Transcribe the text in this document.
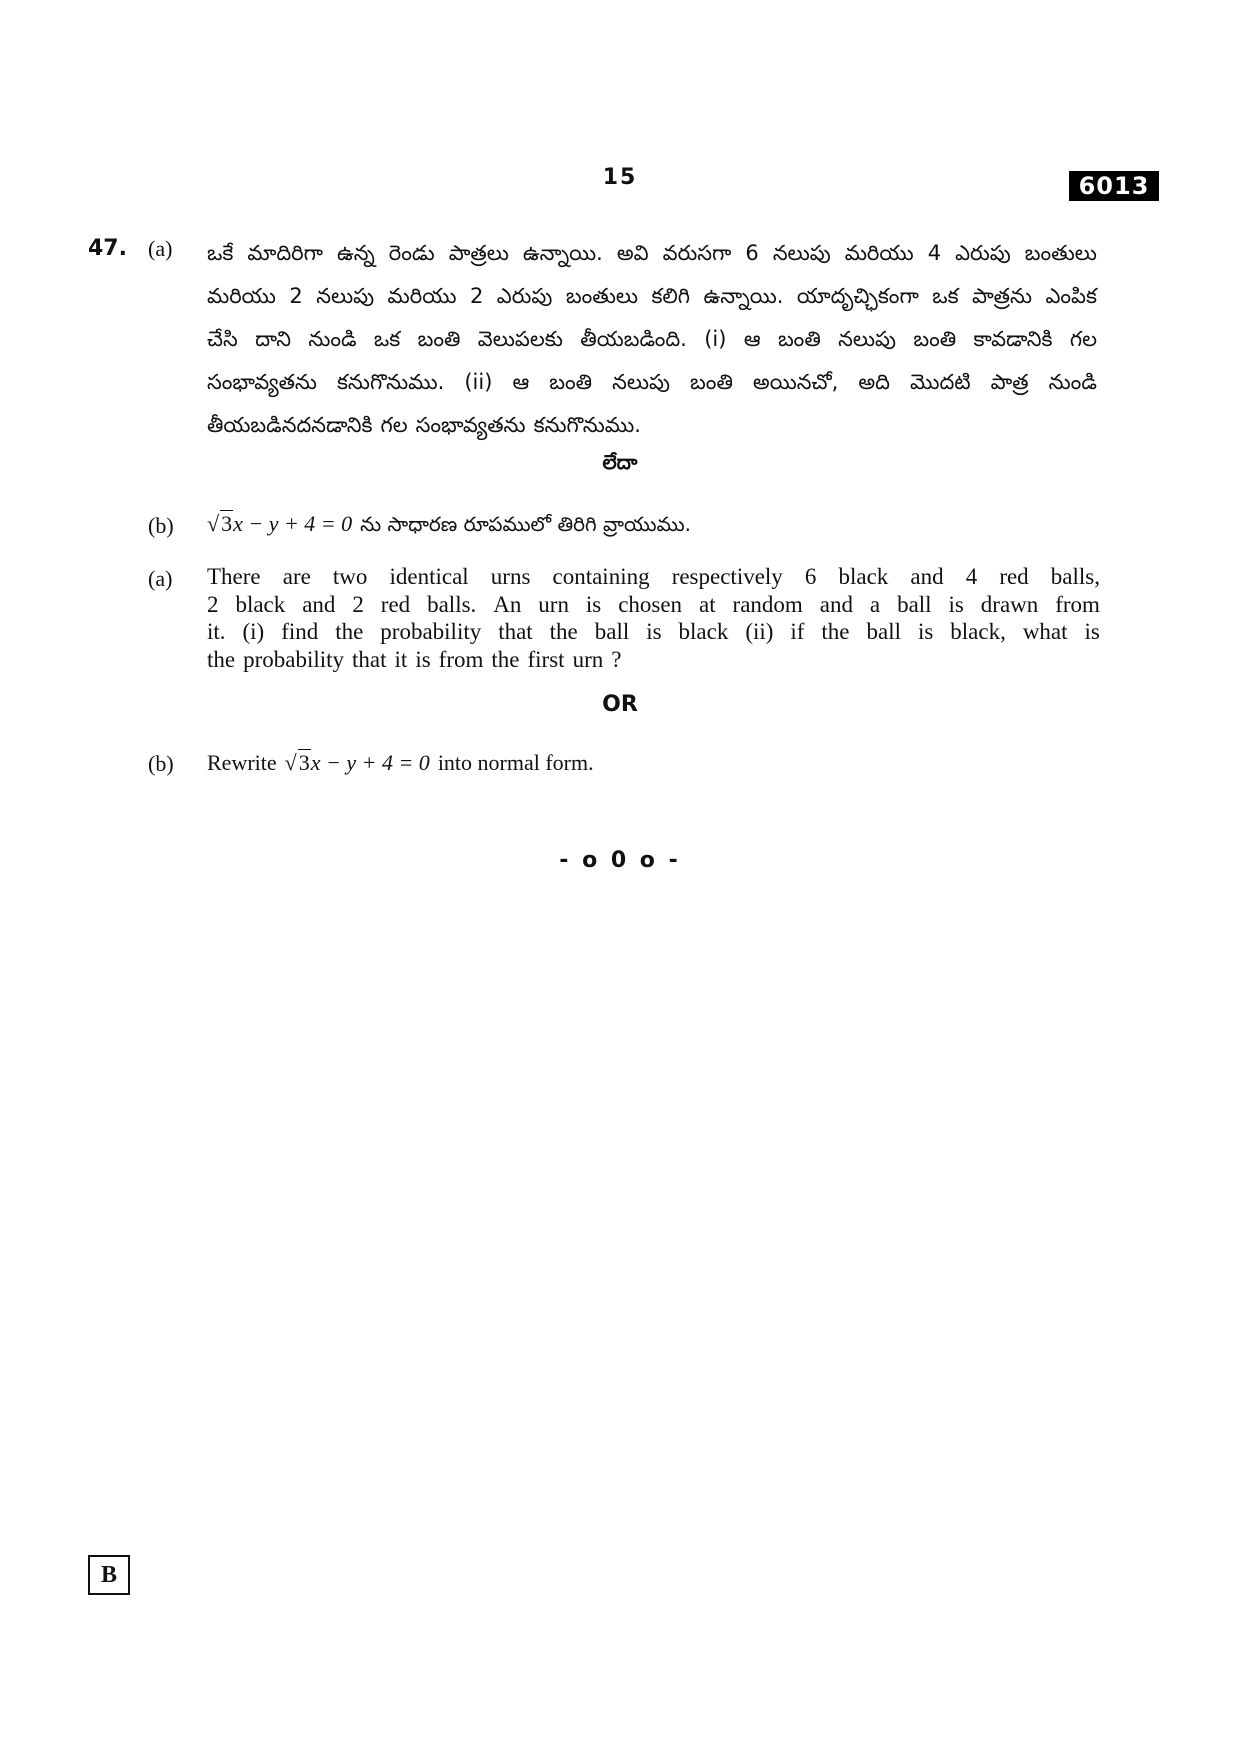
15	6013
47. (a) ఒకే మాదిరిగా ఉన్న రెండు పాత్రలు ఉన్నాయి. అవి వరుసగా 6 నలుపు మరియు 4 ఎరుపు బంతులు
మరియు 2 నలుపు మరియు 2 ఎరుపు బంతులు కలిగి ఉన్నాయి. యాదృచ్ఛికంగా ఒక పాత్రను ఎంపిక
చేసి దాని నుండి ఒక బంతి వెలుపలకు తీయబడింది. (i) ఆ బంతి నలుపు బంతి కావడానికి గల
సంభావ్యతను కనుగొనుము. (ii) ఆ బంతి నలుపు బంతి అయినచో, అది మొదటి పాత్ర నుండి
తీయబడినదనడానికి గల సంభావ్యతను కనుగొనుము.
లేదా
(b) √3x − y + 4 = 0 ను సాధారణ రూపములో తిరిగి వ్రాయుము.
(a) There are two identical urns containing respectively 6 black and 4 red balls,
2 black and 2 red balls. An urn is chosen at random and a ball is drawn from
it. (i) find the probability that the ball is black (ii) if the ball is black, what is
the probability that it is from the first urn ?
OR
(b) Rewrite √3x − y + 4 = 0 into normal form.
- o 0 o -
B
